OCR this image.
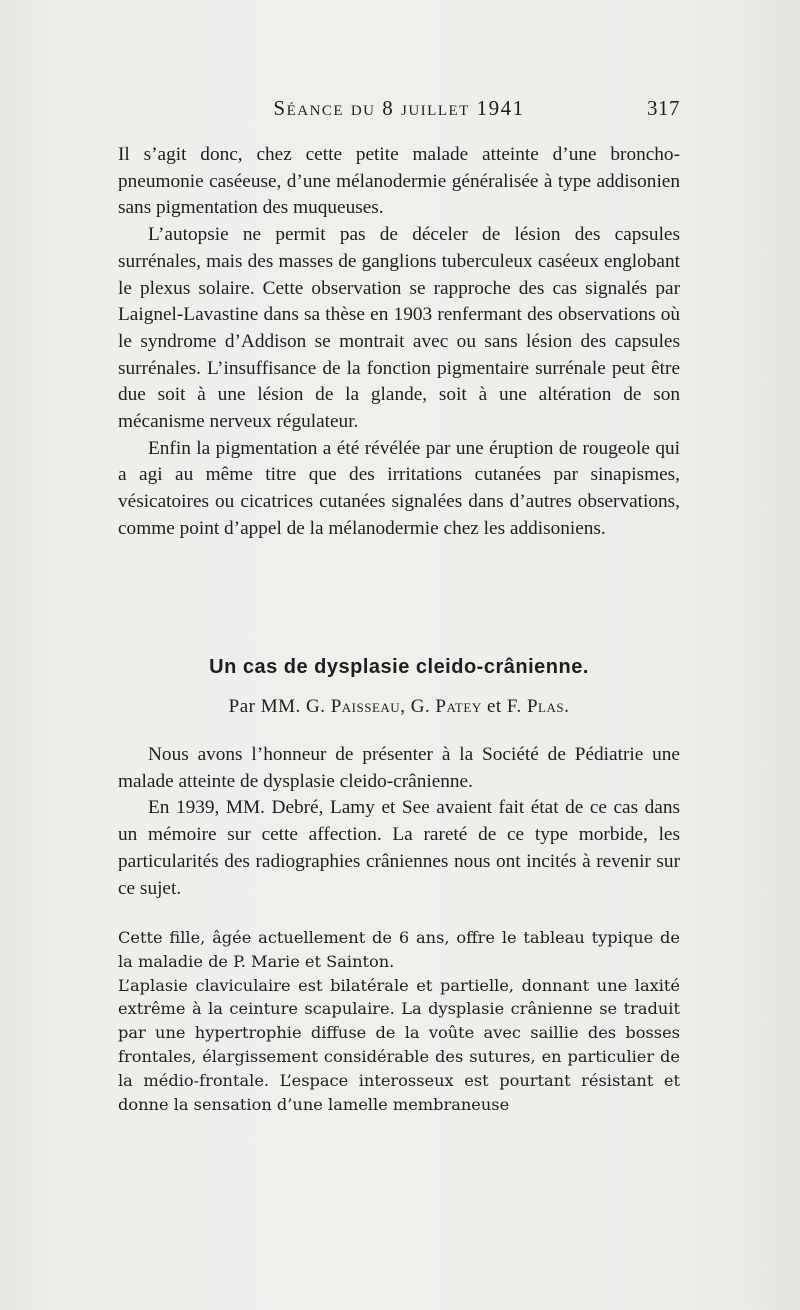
Séance du 8 juillet 1941	317

Il s’agit donc, chez cette petite malade atteinte d’une broncho-pneumonie caséeuse, d’une mélanodermie généralisée à type addisonien sans pigmentation des muqueuses.

L’autopsie ne permit pas de déceler de lésion des capsules surrénales, mais des masses de ganglions tuberculeux caséeux englobant le plexus solaire. Cette observation se rapproche des cas signalés par Laignel-Lavastine dans sa thèse en 1903 renfermant des observations où le syndrome d’Addison se montrait avec ou sans lésion des capsules surrénales. L’insuffisance de la fonction pigmentaire surrénale peut être due soit à une lésion de la glande, soit à une altération de son mécanisme nerveux régulateur.

Enfin la pigmentation a été révélée par une éruption de rougeole qui a agi au même titre que des irritations cutanées par sinapismes, vésicatoires ou cicatrices cutanées signalées dans d’autres observations, comme point d’appel de la mélanodermie chez les addisoniens.

Un cas de dysplasie cleido-crânienne.
Par MM. G. Paisseau, G. Patey et F. Plas.

Nous avons l’honneur de présenter à la Société de Pédiatrie une malade atteinte de dysplasie cleido-crânienne.

En 1939, MM. Debré, Lamy et See avaient fait état de ce cas dans un mémoire sur cette affection. La rareté de ce type morbide, les particularités des radiographies crâniennes nous ont incités à revenir sur ce sujet.

Cette fille, âgée actuellement de 6 ans, offre le tableau typique de la maladie de P. Marie et Sainton.

L’aplasie claviculaire est bilatérale et partielle, donnant une laxité extrême à la ceinture scapulaire. La dysplasie crânienne se traduit par une hypertrophie diffuse de la voûte avec saillie des bosses frontales, élargissement considérable des sutures, en particulier de la médio-frontale. L’espace interosseux est pourtant résistant et donne la sensation d’une lamelle membraneuse
